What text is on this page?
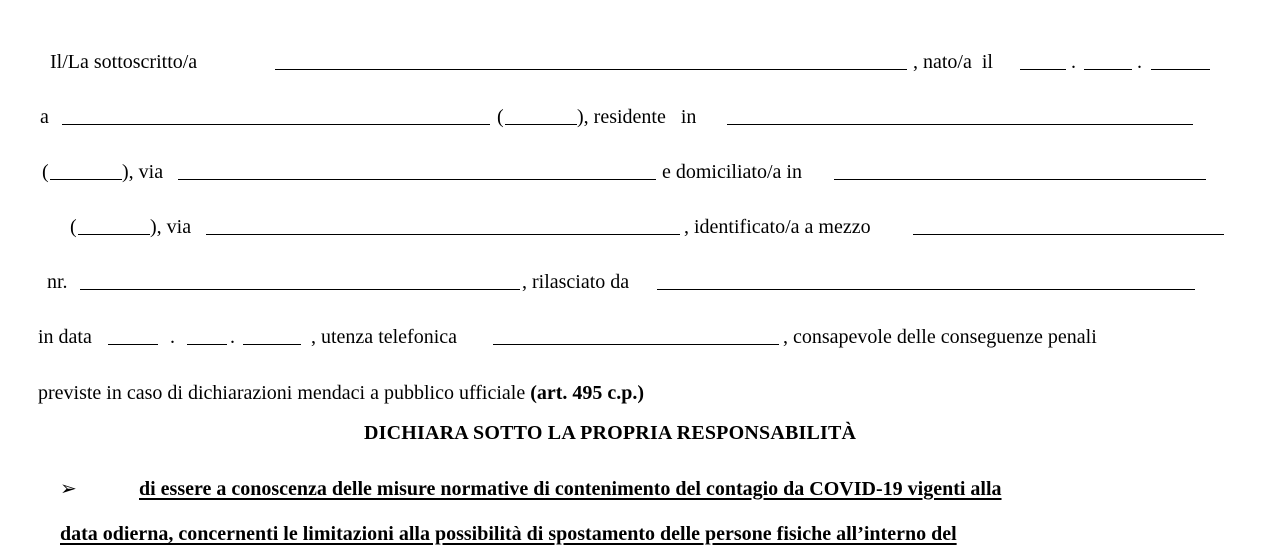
Il/La sottoscritto/a	, nato/a  il	.	.
a	(	), residente   in
(	), via	e domiciliato/a in
(	), via	, identificato/a a mezzo
nr.	, rilasciato da
in data	.	.	, utenza telefonica	, consapevole delle conseguenze penali
previste in caso di dichiarazioni mendaci a pubblico ufficiale (art. 495 c.p.)
DICHIARA SOTTO LA PROPRIA RESPONSABILITÀ
➢	di essere a conoscenza delle misure normative di contenimento del contagio da COVID-19 vigenti alla
data odierna, concernenti le limitazioni alla possibilità di spostamento delle persone fisiche all’interno del
